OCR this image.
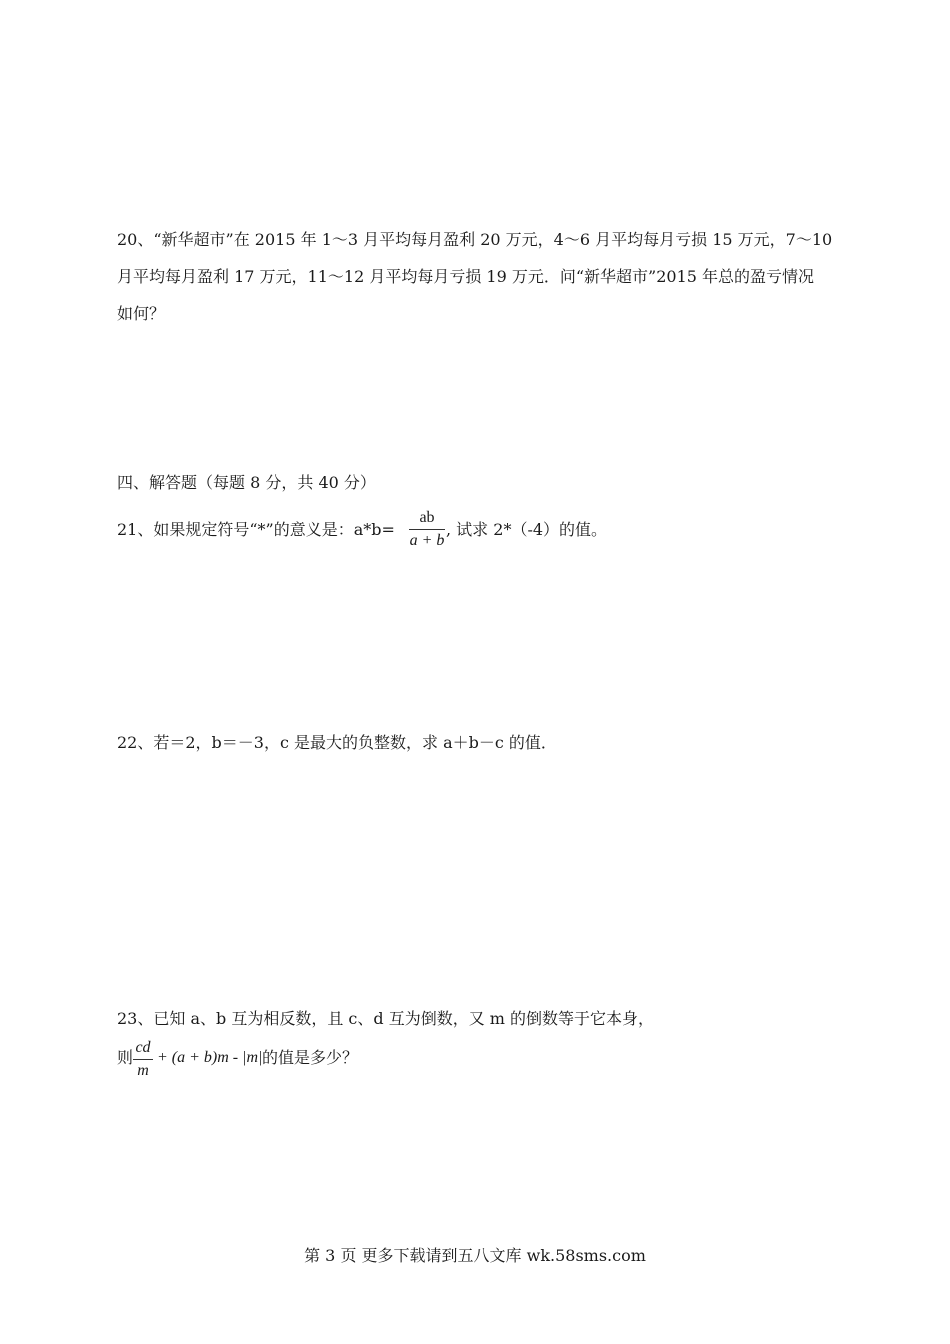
20、“新华超市”在 2015 年 1～3 月平均每月盈利 20 万元，4～6 月平均每月亏损 15 万元，7～10
月平均每月盈利 17 万元，11～12 月平均每月亏损 19 万元．问“新华超市”2015 年总的盈亏情况
如何？
四、解答题（每题 8 分，共 40 分）
21、如果规定符号“*”的意义是：a*b=
ab
a + b
, 试求 2*（-4）的值。
22、若＝2，b＝－3，c 是最大的负整数，求 a＋b－c 的值．
23、已知 a、b 互为相反数，且 c、d 互为倒数，又 m 的倒数等于它本身，
则
cd
m
+ (a + b)m - |m| 的值是多少？
第 3 页 更多下载请到五八文库 wk.58sms.com
